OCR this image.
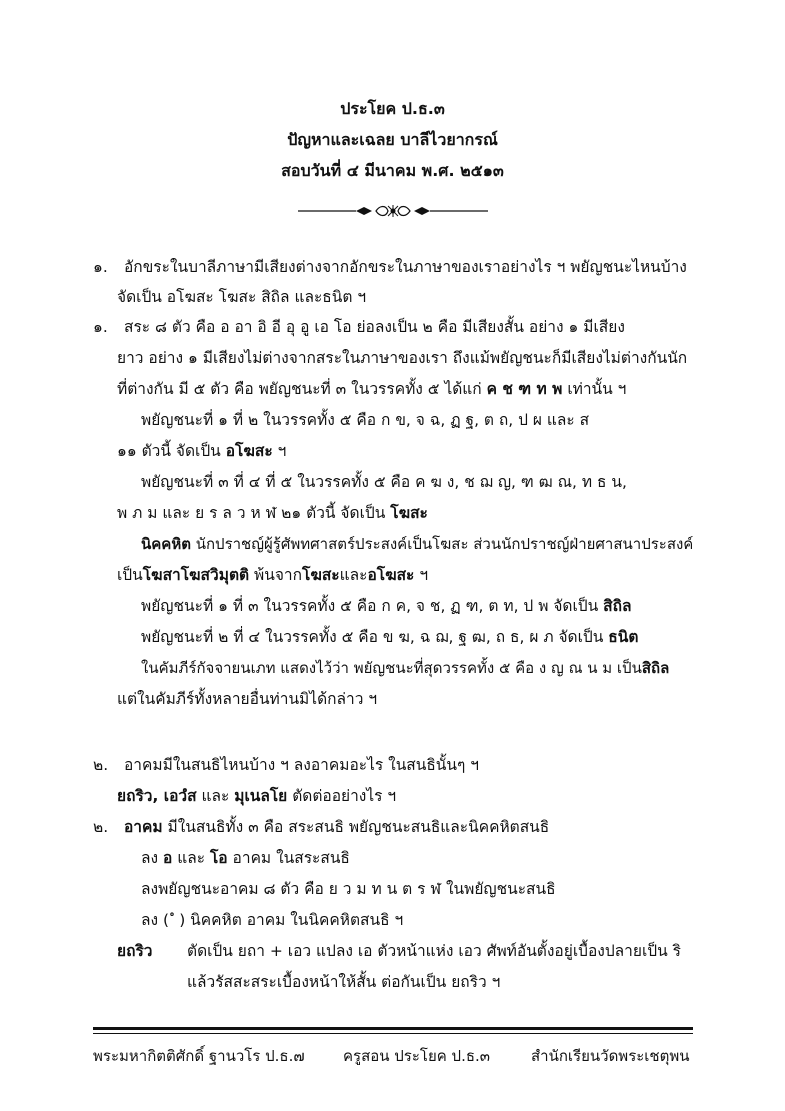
ประโยค ป.ธ.๓
ปัญหาและเฉลย บาลีไวยากรณ์
สอบวันที่ ๔ มีนาคม พ.ศ. ๒๕๑๓
๑. อักขระในบาลีภาษามีเสียงต่างจากอักขระในภาษาของเราอย่างไร ฯ พยัญชนะไหนบ้าง
จัดเป็น อโฆสะ โฆสะ สิถิล และธนิต ฯ
๑. สระ ๘ ตัว คือ อ อา อิ อี อุ อู เอ โอ ย่อลงเป็น ๒ คือ มีเสียงสั้น อย่าง ๑ มีเสียง
ยาว อย่าง ๑ มีเสียงไม่ต่างจากสระในภาษาของเรา ถึงแม้พยัญชนะก็มีเสียงไม่ต่างกันนัก
ที่ต่างกัน มี ๕ ตัว คือ พยัญชนะที่ ๓ ในวรรคทั้ง ๕ ได้แก่ ค ช ฑ ท พ เท่านั้น ฯ
พยัญชนะที่ ๑ ที่ ๒ ในวรรคทั้ง ๕ คือ ก ข, จ ฉ, ฏ ฐ, ต ถ, ป ผ และ ส
๑๑ ตัวนี้ จัดเป็น อโฆสะ ฯ
พยัญชนะที่ ๓ ที่ ๔ ที่ ๕ ในวรรคทั้ง ๕ คือ ค ฆ ง, ช ฌ ญ, ฑ ฒ ณ, ท ธ น,
พ ภ ม และ ย ร ล ว ห ฬ ๒๑ ตัวนี้ จัดเป็น โฆสะ
นิคคหิต นักปราชญ์ผู้รู้ศัพทศาสตร์ประสงค์เป็นโฆสะ ส่วนนักปราชญ์ฝ่ายศาสนาประสงค์
เป็นโฆสาโฆสวิมุตติ พ้นจากโฆสะและอโฆสะ ฯ
พยัญชนะที่ ๑ ที่ ๓ ในวรรคทั้ง ๕ คือ ก ค, จ ช, ฏ ฑ, ต ท, ป พ จัดเป็น สิถิล
พยัญชนะที่ ๒ ที่ ๔ ในวรรคทั้ง ๕ คือ ข ฆ, ฉ ฌ, ฐ ฒ, ถ ธ, ผ ภ จัดเป็น ธนิต
ในคัมภีร์กัจจายนเภท แสดงไว้ว่า พยัญชนะที่สุดวรรคทั้ง ๕ คือ ง ญ ณ น ม เป็นสิถิล
แต่ในคัมภีร์ทั้งหลายอื่นท่านมิได้กล่าว ฯ
๒. อาคมมีในสนธิไหนบ้าง ฯ ลงอาคมอะไร ในสนธินั้นๆ ฯ
ยถริว, เอวํส และ มุเนลโย ตัดต่ออย่างไร ฯ
๒. อาคม มีในสนธิทั้ง ๓ คือ สระสนธิ พยัญชนะสนธิและนิคคหิตสนธิ
ลง อ และ โอ อาคม ในสระสนธิ
ลงพยัญชนะอาคม ๘ ตัว คือ ย ว ม ท น ต ร ฬ ในพยัญชนะสนธิ
ลง ( ํ ) นิคคหิต อาคม ในนิคคหิตสนธิ ฯ
ยถริว ตัดเป็น ยถา + เอว แปลง เอ ตัวหน้าแห่ง เอว ศัพท์อันตั้งอยู่เบื้องปลายเป็น ริ
แล้วรัสสะสระเบื้องหน้าให้สั้น ต่อกันเป็น ยถริว ฯ
พระมหากิตติศักดิ์ ฐานวโร ป.ธ.๗	ครูสอน ประโยค ป.ธ.๓	สำนักเรียนวัดพระเชตุพน
